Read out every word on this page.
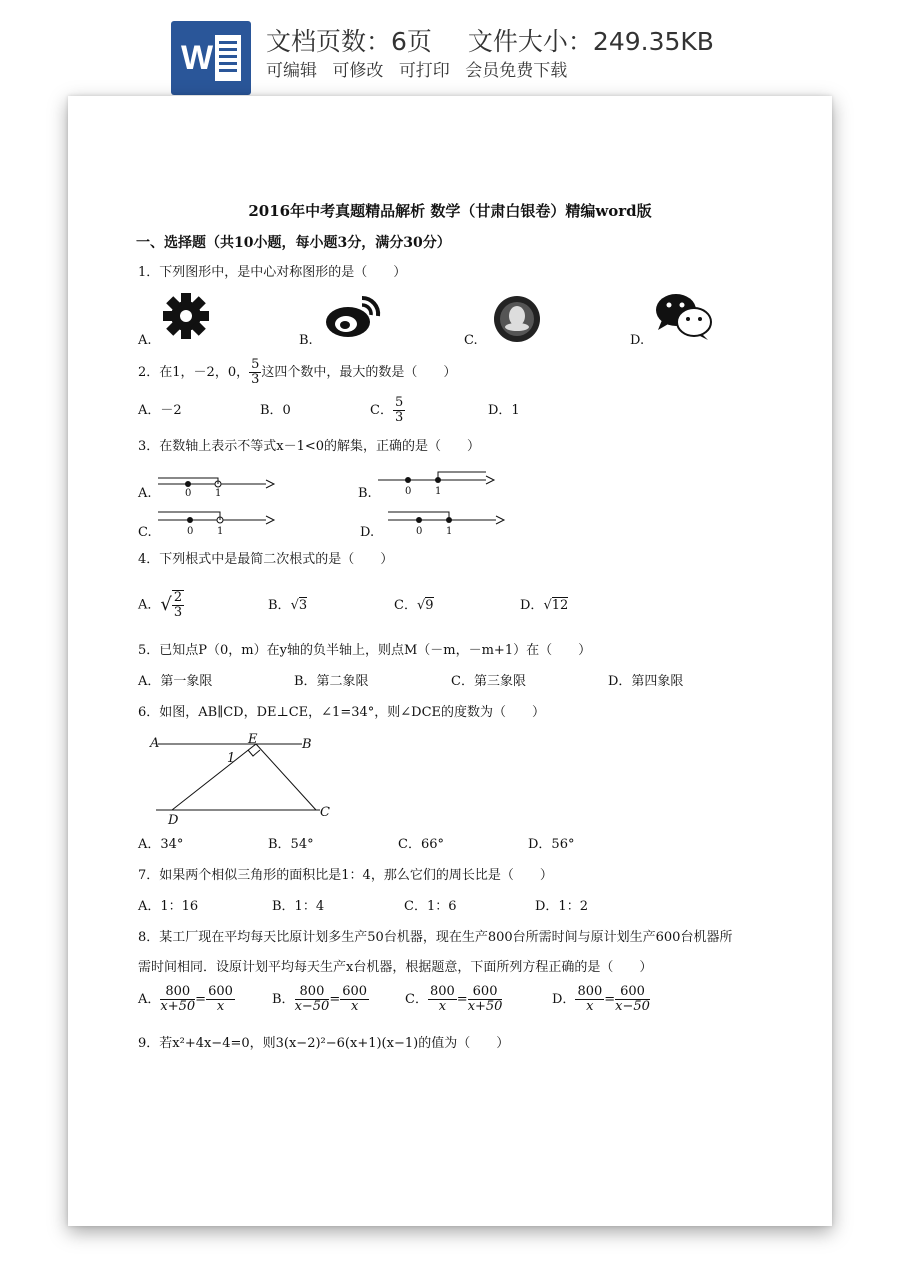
W 文档页数：6页 文件大小：249.35KB
可编辑 可修改 可打印 会员免费下载
2016年中考真题精品解析 数学（甘肃白银卷）精编word版
一、选择题（共10小题，每小题3分，满分30分）
1．下列图形中，是中心对称图形的是（　　）
A.	B.	C.	D.
2．在1，－2，0， $\frac{5}{3}$ 这四个数中，最大的数是（　　）
A．－2	B．0	C． $\frac{5}{3}$	D．1
3．在数轴上表示不等式x－1<0的解集，正确的是（　　）
A.	B.
C.	D.
0 1	0 1
0 1	0 1
4．下列根式中是最简二次根式的是（　　）
A．√ $\frac{2}{3}$	B．√3	C．√9	D．√12
5．已知点P（0，m）在y轴的负半轴上，则点M（－m，－m+1）在（　　）
A．第一象限	B．第二象限	C．第三象限	D．第四象限
6．如图，AB∥CD，DE⊥CE，∠1=34°，则∠DCE的度数为（　　）
A	B
E
1
D
C
A．34°	B．54°	C．66°	D．56°
7．如果两个相似三角形的面积比是1：4，那么它们的周长比是（　　）
A．1：16	B．1：4	C．1：6	D．1：2
8．某工厂现在平均每天比原计划多生产50台机器，现在生产800台所需时间与原计划生产600台机器所
需时间相同．设原计划平均每天生产x台机器，根据题意，下面所列方程正确的是（　　）
A． $\frac{800}{x+50} = \frac{600}{x}$	B． $\frac{800}{x-50} = \frac{600}{x}$	C． $\frac{800}{x} = \frac{600}{x+50}$	D． $\frac{800}{x} = \frac{600}{x-50}$
9．若x²+4x−4=0，则3(x−2)²−6(x+1)(x−1)的值为（　　）
